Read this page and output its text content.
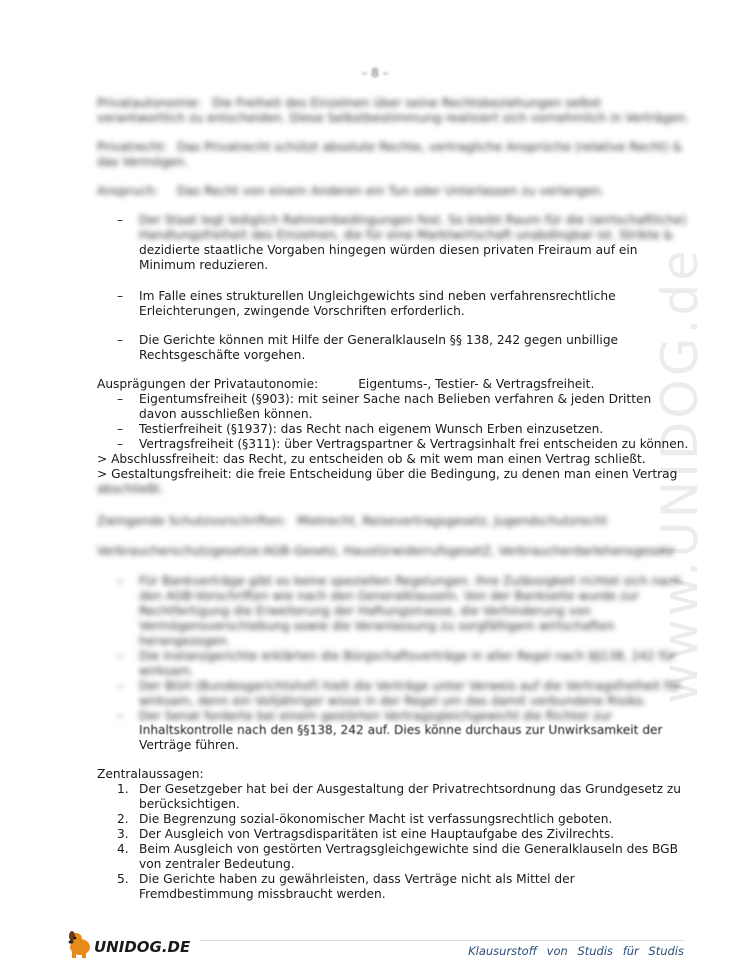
www.UNIDOG.de
– 8 –
Privatautonomie: Die Freiheit des Einzelnen über seine Rechtsbeziehungen selbst
verantwortlich zu entscheiden. Diese Selbstbestimmung realisiert sich vornehmlich in Verträgen.
Privatrecht: Das Privatrecht schützt absolute Rechte, vertragliche Ansprüche (relative Recht) &
das Vermögen.
Anspruch: Das Recht von einem Anderen ein Tun oder Unterlassen zu verlangen.
– Der Staat legt lediglich Rahmenbedingungen fest. So bleibt Raum für die (wirtschaftliche)
Handlungsfreiheit des Einzelnen, die für eine Marktwirtschaft unabdingbar ist. Strikte &
dezidierte staatliche Vorgaben hingegen würden diesen privaten Freiraum auf ein
Minimum reduzieren.
– Im Falle eines strukturellen Ungleichgewichts sind neben verfahrensrechtliche
Erleichterungen, zwingende Vorschriften erforderlich.
– Die Gerichte können mit Hilfe der Generalklauseln §§ 138, 242 gegen unbillige
Rechtsgeschäfte vorgehen.
Ausprägungen der Privatautonomie:	Eigentums-, Testier- & Vertragsfreiheit.
– Eigentumsfreiheit (§903): mit seiner Sache nach Belieben verfahren & jeden Dritten
davon ausschließen können.
– Testierfreiheit (§1937): das Recht nach eigenem Wunsch Erben einzusetzen.
– Vertragsfreiheit (§311): über Vertragspartner & Vertragsinhalt frei entscheiden zu können.
> Abschlussfreiheit: das Recht, zu entscheiden ob & mit wem man einen Vertrag schließt.
> Gestaltungsfreiheit: die freie Entscheidung über die Bedingung, zu denen man einen Vertrag
abschließt.
Zwingende Schutzvorschriften: Mietrecht, Reisevertragsgesetz, Jugendschutzrecht
Verbraucherschutzgesetze:AGB-Gesetz, HaustürwiderrufsgesetZ, Verbraucherdarlehensgesetz
– Für Bankverträge gibt es keine speziellen Regelungen. Ihre Zulässigkeit richtet sich nach
den AGB-Vorschriften wie nach den Generalklauseln. Von der Bankseite wurde zur
Rechtfertigung die Erweiterung der Haftungsmasse, die Verhinderung von
Vermögensverschiebung sowie die Veranlassung zu sorgfältigem wirtschaften
herangezogen.
– Die Instanzgerichte erklärten die Bürgschaftsverträge in aller Regel nach §§138, 242 für
wirksam.
– Der BGH (Bundesgerichtshof) hielt die Verträge unter Verweis auf die Vertragsfreiheit für
wirksam, denn ein Volljähriger wisse in der Regel um das damit verbundene Risiko.
– Der Senat forderte bei einem gestörten Vertragsgleichgewicht die Richter zur
Inhaltskontrolle nach den §§138, 242 auf. Dies könne durchaus zur Unwirksamkeit der
Verträge führen.
Zentralaussagen:
1. Der Gesetzgeber hat bei der Ausgestaltung der Privatrechtsordnung das Grundgesetz zu
berücksichtigen.
2. Die Begrenzung sozial-ökonomischer Macht ist verfassungsrechtlich geboten.
3. Der Ausgleich von Vertragsdisparitäten ist eine Hauptaufgabe des Zivilrechts.
4. Beim Ausgleich von gestörten Vertragsgleichgewichte sind die Generalklauseln des BGB
von zentraler Bedeutung.
5. Die Gerichte haben zu gewährleisten, dass Verträge nicht als Mittel der
Fremdbestimmung missbraucht werden.
UNIDOG.DE	Klausurstoff von Studis für Studis
